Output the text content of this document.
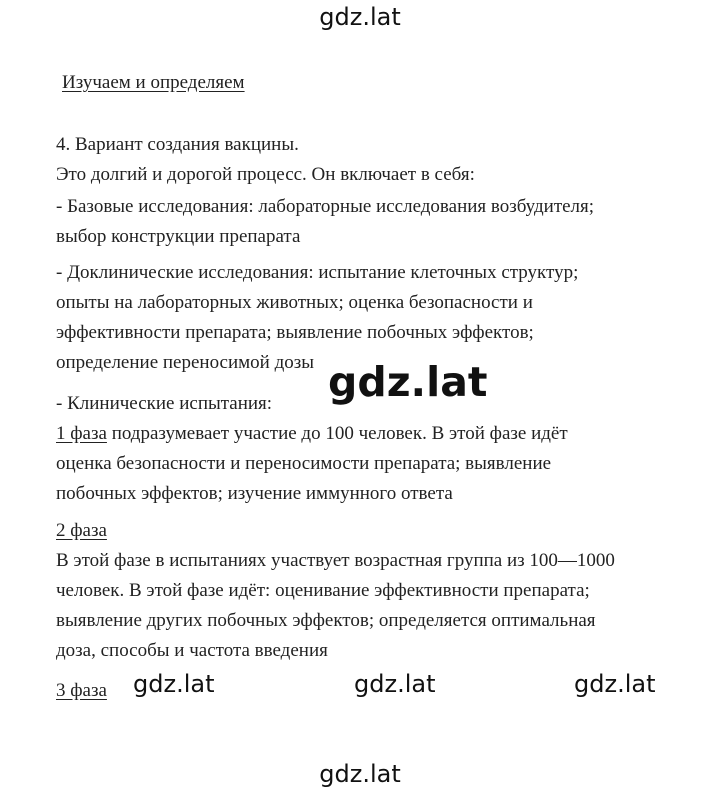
gdz.lat
Изучаем и определяем
4. Вариант создания вакцины.
Это долгий и дорогой процесс. Он включает в себя:
- Базовые исследования: лабораторные исследования возбудителя;
выбор конструкции препарата
- Доклинические исследования: испытание клеточных структур;
опыты на лабораторных животных; оценка безопасности и
эффективности препарата; выявление побочных эффектов;
определение переносимой дозы
- Клинические испытания:
1 фаза подразумевает участие до 100 человек. В этой фазе идёт
оценка безопасности и переносимости препарата; выявление
побочных эффектов; изучение иммунного ответа
2 фаза
В этой фазе в испытаниях участвует возрастная группа из 100—1000
человек. В этой фазе идёт: оценивание эффективности препарата;
выявление других побочных эффектов; определяется оптимальная
доза, способы и частота введения
3 фаза
gdz.lat
gdz.lat	gdz.lat	gdz.lat
gdz.lat
